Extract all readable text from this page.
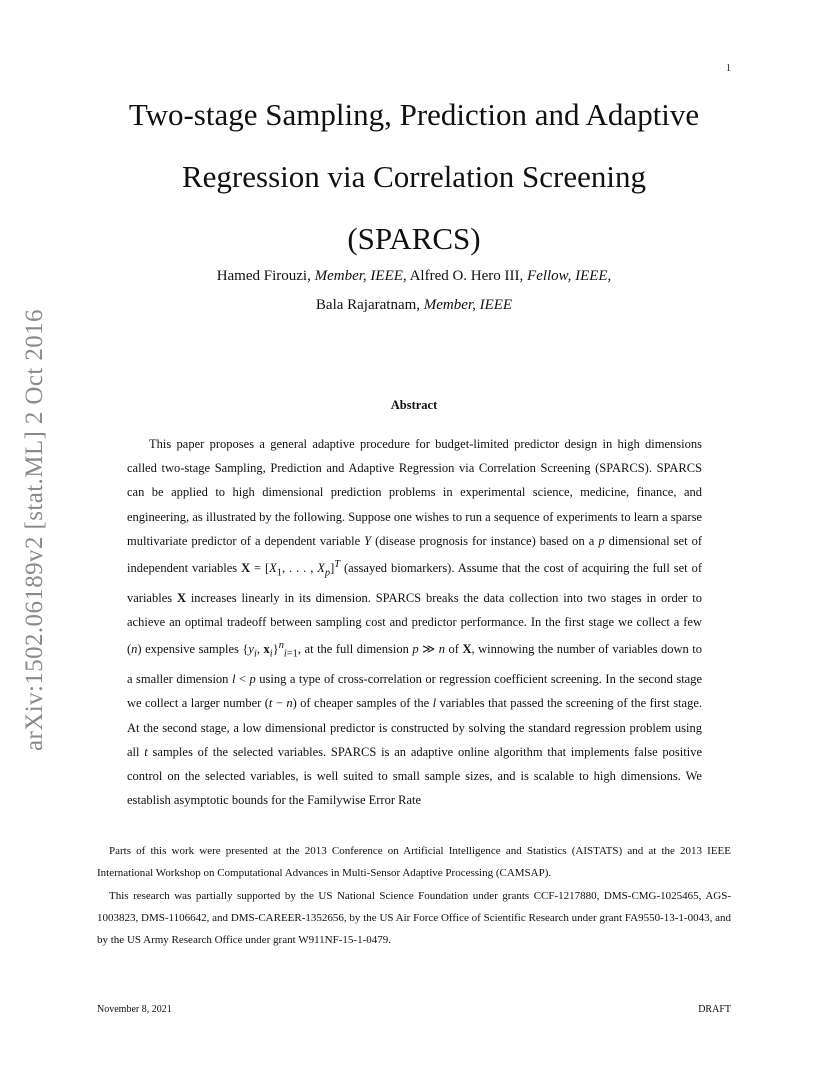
1
arXiv:1502.06189v2 [stat.ML] 2 Oct 2016
Two-stage Sampling, Prediction and Adaptive
Regression via Correlation Screening
(SPARCS)
Hamed Firouzi, Member, IEEE, Alfred O. Hero III, Fellow, IEEE,
Bala Rajaratnam, Member, IEEE
Abstract

This paper proposes a general adaptive procedure for budget-limited predictor design in high dimensions called two-stage Sampling, Prediction and Adaptive Regression via Correlation Screening (SPARCS). SPARCS can be applied to high dimensional prediction problems in experimental science, medicine, finance, and engineering, as illustrated by the following. Suppose one wishes to run a sequence of experiments to learn a sparse multivariate predictor of a dependent variable Y (disease prognosis for instance) based on a p dimensional set of independent variables $X = [X_1$, . . . , $X_p]^T$ (assayed biomarkers). Assume that the cost of acquiring the full set of variables X increases linearly in its dimension. SPARCS breaks the data collection into two stages in order to achieve an optimal tradeoff between sampling cost and predictor performance. In the first stage we collect a few (n) expensive samples {$y_i$, $x_i\}^n_{i=1}$, at the full dimension p ≫ n of X, winnowing the number of variables down to a smaller dimension l < p using a type of cross-correlation or regression coefficient screening. In the second stage we collect a larger number (t − n) of cheaper samples of the l variables that passed the screening of the first stage. At the second stage, a low dimensional predictor is constructed by solving the standard regression problem using all t samples of the selected variables. SPARCS is an adaptive online algorithm that implements false positive control on the selected variables, is well suited to small sample sizes, and is scalable to high dimensions. We establish asymptotic bounds for the Familywise Error Rate

Parts of this work were presented at the 2013 Conference on Artificial Intelligence and Statistics (AISTATS) and at the 2013 IEEE International Workshop on Computational Advances in Multi-Sensor Adaptive Processing (CAMSAP).

This research was partially supported by the US National Science Foundation under grants CCF-1217880, DMS-CMG-1025465, AGS-1003823, DMS-1106642, and DMS-CAREER-1352656, by the US Air Force Office of Scientific Research under grant FA9550-13-1-0043, and by the US Army Research Office under grant W911NF-15-1-0479.

November 8, 2021	DRAFT
